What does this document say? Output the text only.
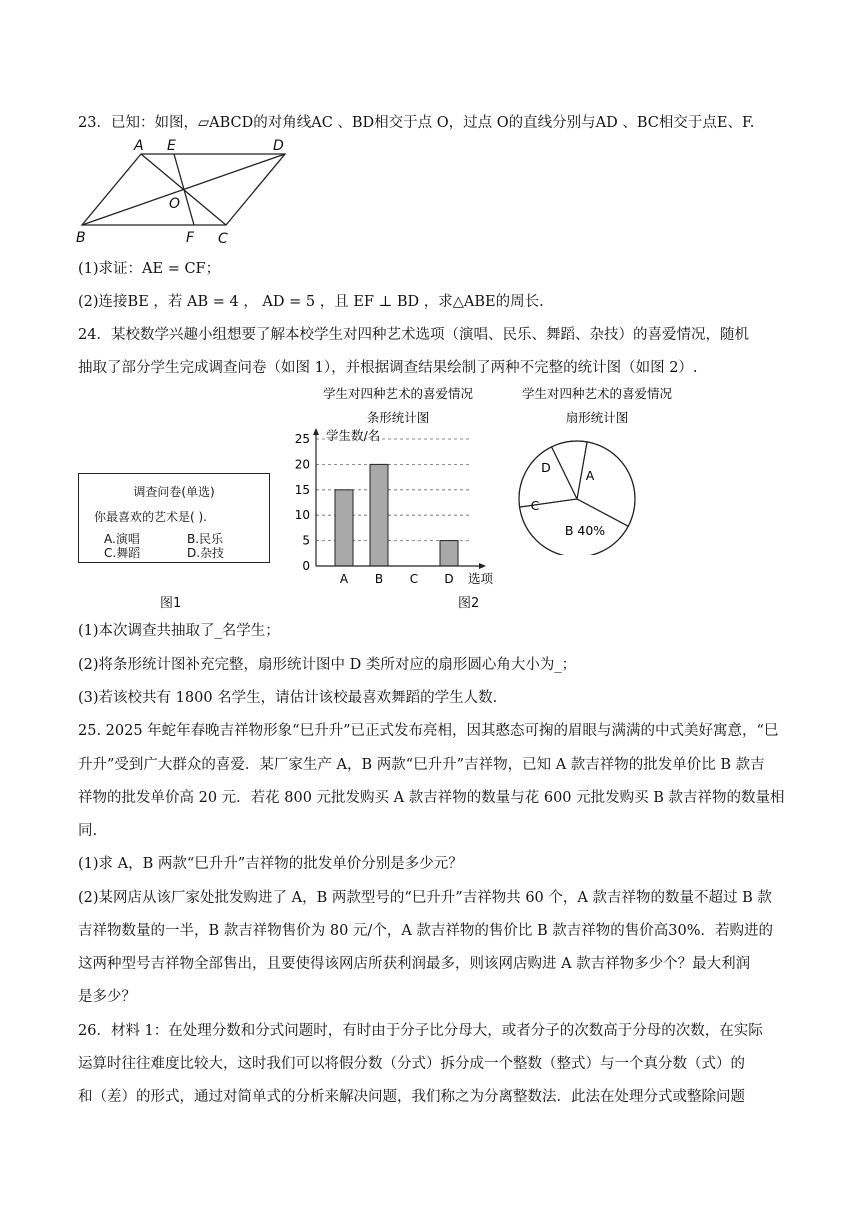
23．已知：如图，▱ABCD的对角线AC 、BD相交于点 O，过点 O的直线分别与AD 、BC相交于点E、F.
A E	D
O
B	F C
(1)求证：AE = CF；
(2)连接BE ，若 AB = 4 ， AD = 5 ，且 EF ⊥ BD ，求△ABE的周长.
24．某校数学兴趣小组想要了解本校学生对四种艺术选项（演唱、民乐、舞蹈、杂技）的喜爱情况，随机
抽取了部分学生完成调查问卷（如图 1），并根据调查结果绘制了两种不完整的统计图（如图 2）.
调查问卷(单选)
你最喜欢的艺术是( ).
A.演唱	B.民乐
C.舞蹈	D.杂技
图1
学生对四种艺术的喜爱情况
条形统计图
学生数/名
选项
0
5
10
15
20
25
A B C D
图2
学生对四种艺术的喜爱情况
扇形统计图
A
B 40%
C
D
(1)本次调查共抽取了_名学生；
(2)将条形统计图补充完整，扇形统计图中 D 类所对应的扇形圆心角大小为_；
(3)若该校共有 1800 名学生，请估计该校最喜欢舞蹈的学生人数.
25. 2025 年蛇年春晚吉祥物形象“巳升升”已正式发布亮相，因其憨态可掬的眉眼与满满的中式美好寓意，“巳
升升”受到广大群众的喜爱．某厂家生产 A，B 两款“巳升升”吉祥物，已知 A 款吉祥物的批发单价比 B 款吉
祥物的批发单价高 20 元．若花 800 元批发购买 A 款吉祥物的数量与花 600 元批发购买 B 款吉祥物的数量相
同.
(1)求 A，B 两款“巳升升”吉祥物的批发单价分别是多少元？
(2)某网店从该厂家处批发购进了 A，B 两款型号的“巳升升”吉祥物共 60 个，A 款吉祥物的数量不超过 B 款
吉祥物数量的一半，B 款吉祥物售价为 80 元/个，A 款吉祥物的售价比 B 款吉祥物的售价高30%．若购进的
这两种型号吉祥物全部售出，且要使得该网店所获利润最多，则该网店购进 A 款吉祥物多少个？最大利润
是多少？
26．材料 1：在处理分数和分式问题时，有时由于分子比分母大，或者分子的次数高于分母的次数，在实际
运算时往往难度比较大，这时我们可以将假分数（分式）拆分成一个整数（整式）与一个真分数（式）的
和（差）的形式，通过对简单式的分析来解决问题，我们称之为分离整数法．此法在处理分式或整除问题
